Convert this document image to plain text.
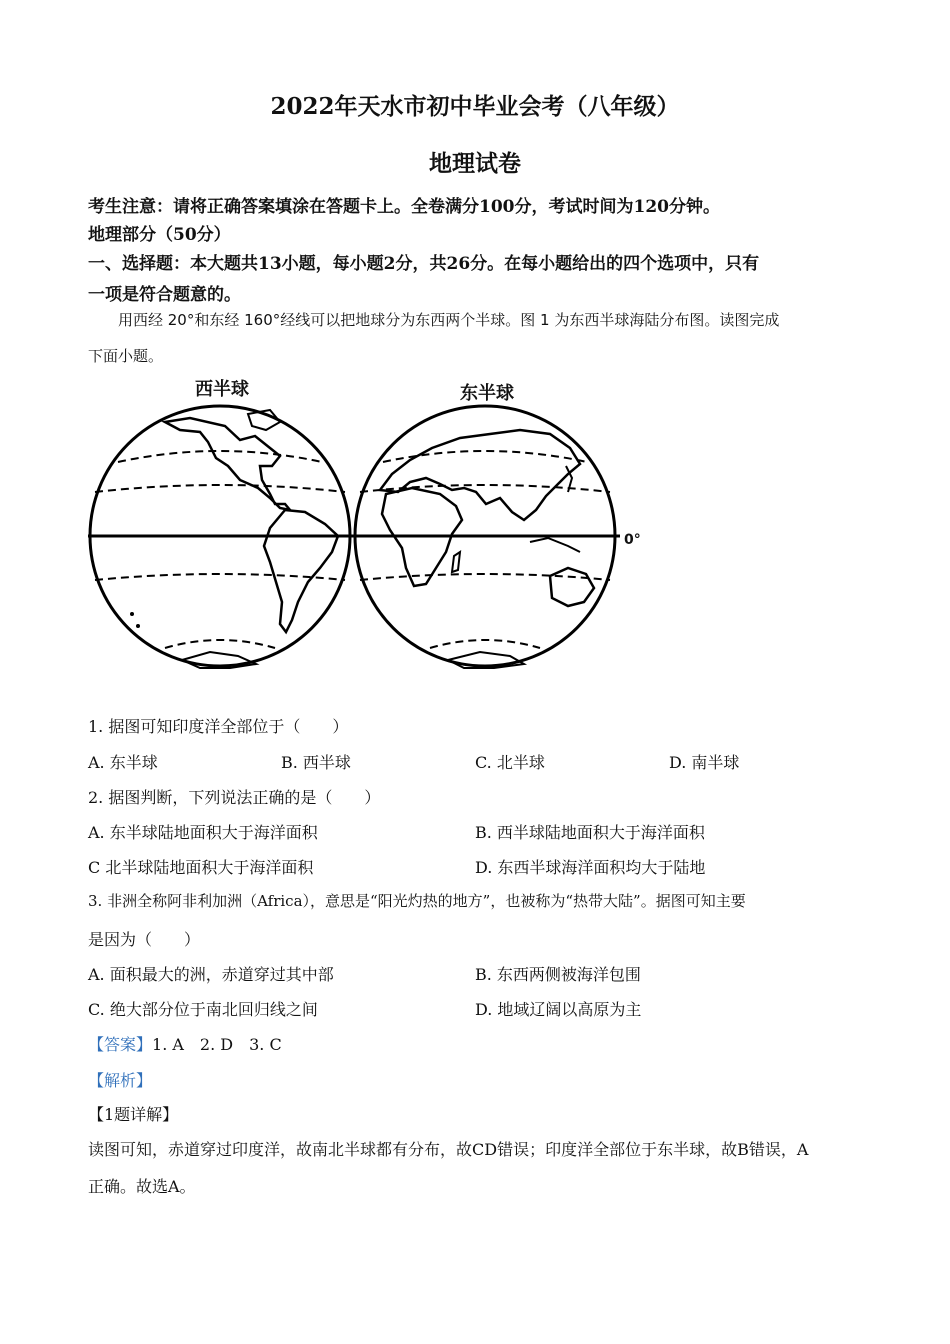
2022年天水市初中毕业会考（八年级）
地理试卷
考生注意：请将正确答案填涂在答题卡上。全卷满分100分，考试时间为120分钟。
地理部分（50分）
一、选择题：本大题共13小题，每小题2分，共26分。在每小题给出的四个选项中，只有
一项是符合题意的。
用西经 20°和东经 160°经线可以把地球分为东西两个半球。图 1 为东西半球海陆分布图。读图完成
下面小题。
西半球	东半球
0°
1. 据图可知印度洋全部位于（　　）
A. 东半球	B. 西半球	C. 北半球	D. 南半球
2. 据图判断，下列说法正确的是（　　）
A. 东半球陆地面积大于海洋面积	B. 西半球陆地面积大于海洋面积
C 北半球陆地面积大于海洋面积	D. 东西半球海洋面积均大于陆地
3. 非洲全称阿非利加洲（Africa），意思是“阳光灼热的地方”，也被称为“热带大陆”。据图可知主要
是因为（　　）
A. 面积最大的洲，赤道穿过其中部	B. 东西两侧被海洋包围
C. 绝大部分位于南北回归线之间	D. 地域辽阔以高原为主
【答案】1. A　2. D　3. C
【解析】
【1题详解】
读图可知，赤道穿过印度洋，故南北半球都有分布，故CD错误；印度洋全部位于东半球，故B错误，A
正确。故选A。
